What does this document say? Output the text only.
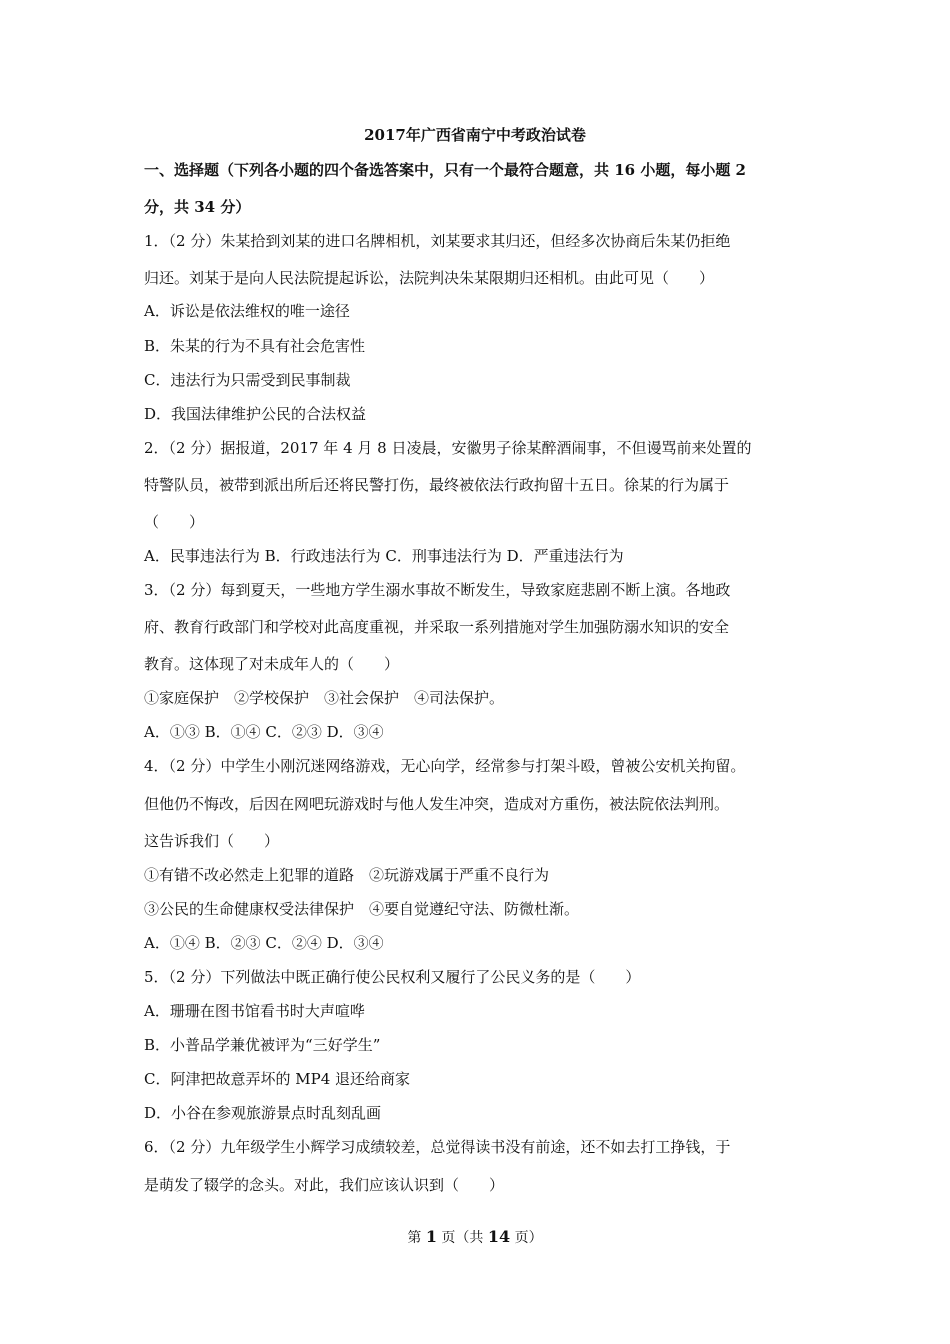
2017年广西省南宁中考政治试卷
一、选择题（下列各小题的四个备选答案中，只有一个最符合题意，共 16 小题，每小题 2
分，共 34 分）
1．（2 分）朱某拾到刘某的进口名牌相机，刘某要求其归还，但经多次协商后朱某仍拒绝
归还。刘某于是向人民法院提起诉讼，法院判决朱某限期归还相机。由此可见（　　）
A．诉讼是依法维权的唯一途径
B．朱某的行为不具有社会危害性
C．违法行为只需受到民事制裁
D．我国法律维护公民的合法权益
2．（2 分）据报道，2017 年 4 月 8 日凌晨，安徽男子徐某醉酒闹事，不但谩骂前来处置的
特警队员，被带到派出所后还将民警打伤，最终被依法行政拘留十五日。徐某的行为属于
（　　）
A．民事违法行为 B．行政违法行为 C．刑事违法行为 D．严重违法行为
3．（2 分）每到夏天，一些地方学生溺水事故不断发生，导致家庭悲剧不断上演。各地政
府、教育行政部门和学校对此高度重视，并采取一系列措施对学生加强防溺水知识的安全
教育。这体现了对未成年人的（　　）
①家庭保护　②学校保护　③社会保护　④司法保护。
A．①③ B．①④ C．②③ D．③④
4．（2 分）中学生小刚沉迷网络游戏，无心向学，经常参与打架斗殴，曾被公安机关拘留。
但他仍不悔改，后因在网吧玩游戏时与他人发生冲突，造成对方重伤，被法院依法判刑。
这告诉我们（　　）
①有错不改必然走上犯罪的道路　②玩游戏属于严重不良行为
③公民的生命健康权受法律保护　④要自觉遵纪守法、防微杜渐。
A．①④ B．②③ C．②④ D．③④
5．（2 分）下列做法中既正确行使公民权利又履行了公民义务的是（　　）
A．珊珊在图书馆看书时大声喧哗
B．小普品学兼优被评为“三好学生”
C．阿津把故意弄坏的 MP4 退还给商家
D．小谷在参观旅游景点时乱刻乱画
6．（2 分）九年级学生小辉学习成绩较差，总觉得读书没有前途，还不如去打工挣钱，于
是萌发了辍学的念头。对此，我们应该认识到（　　）
第 1 页（共 14 页）
